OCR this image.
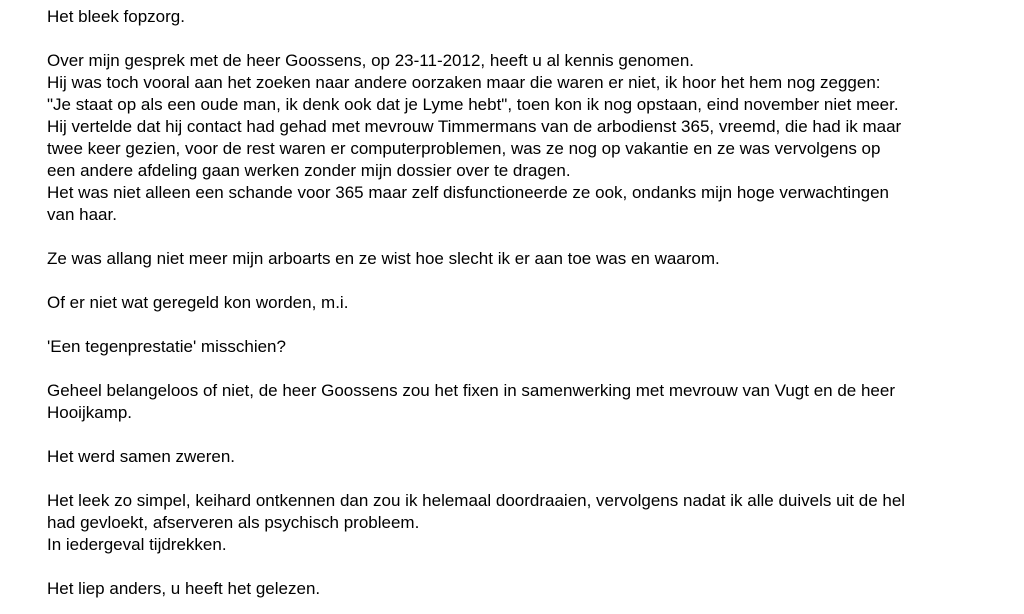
Het bleek fopzorg.
Over mijn gesprek met de heer Goossens, op 23-11-2012, heeft u al kennis genomen.
Hij was toch vooral aan het zoeken naar andere oorzaken maar die waren er niet, ik hoor het hem nog zeggen:
"Je staat op als een oude man, ik denk ook dat je Lyme hebt", toen kon ik nog opstaan, eind november niet meer.
Hij vertelde dat hij contact had gehad met mevrouw Timmermans van de arbodienst 365, vreemd, die had ik maar
twee keer gezien, voor de rest waren er computerproblemen, was ze nog op vakantie en ze was vervolgens op
een andere afdeling gaan werken zonder mijn dossier over te dragen.
Het was niet alleen een schande voor 365 maar zelf disfunctioneerde ze ook, ondanks mijn hoge verwachtingen
van haar.
Ze was allang niet meer mijn arboarts en ze wist hoe slecht ik er aan toe was en waarom.
Of er niet wat geregeld kon worden, m.i.
'Een tegenprestatie' misschien?
Geheel belangeloos of niet, de heer Goossens zou het fixen in samenwerking met mevrouw van Vugt en de heer
Hooijkamp.
Het werd samen zweren.
Het leek zo simpel, keihard ontkennen dan zou ik helemaal doordraaien, vervolgens nadat ik alle duivels uit de hel
had gevloekt, afserveren als psychisch probleem.
In iedergeval tijdrekken.
Het liep anders, u heeft het gelezen.
